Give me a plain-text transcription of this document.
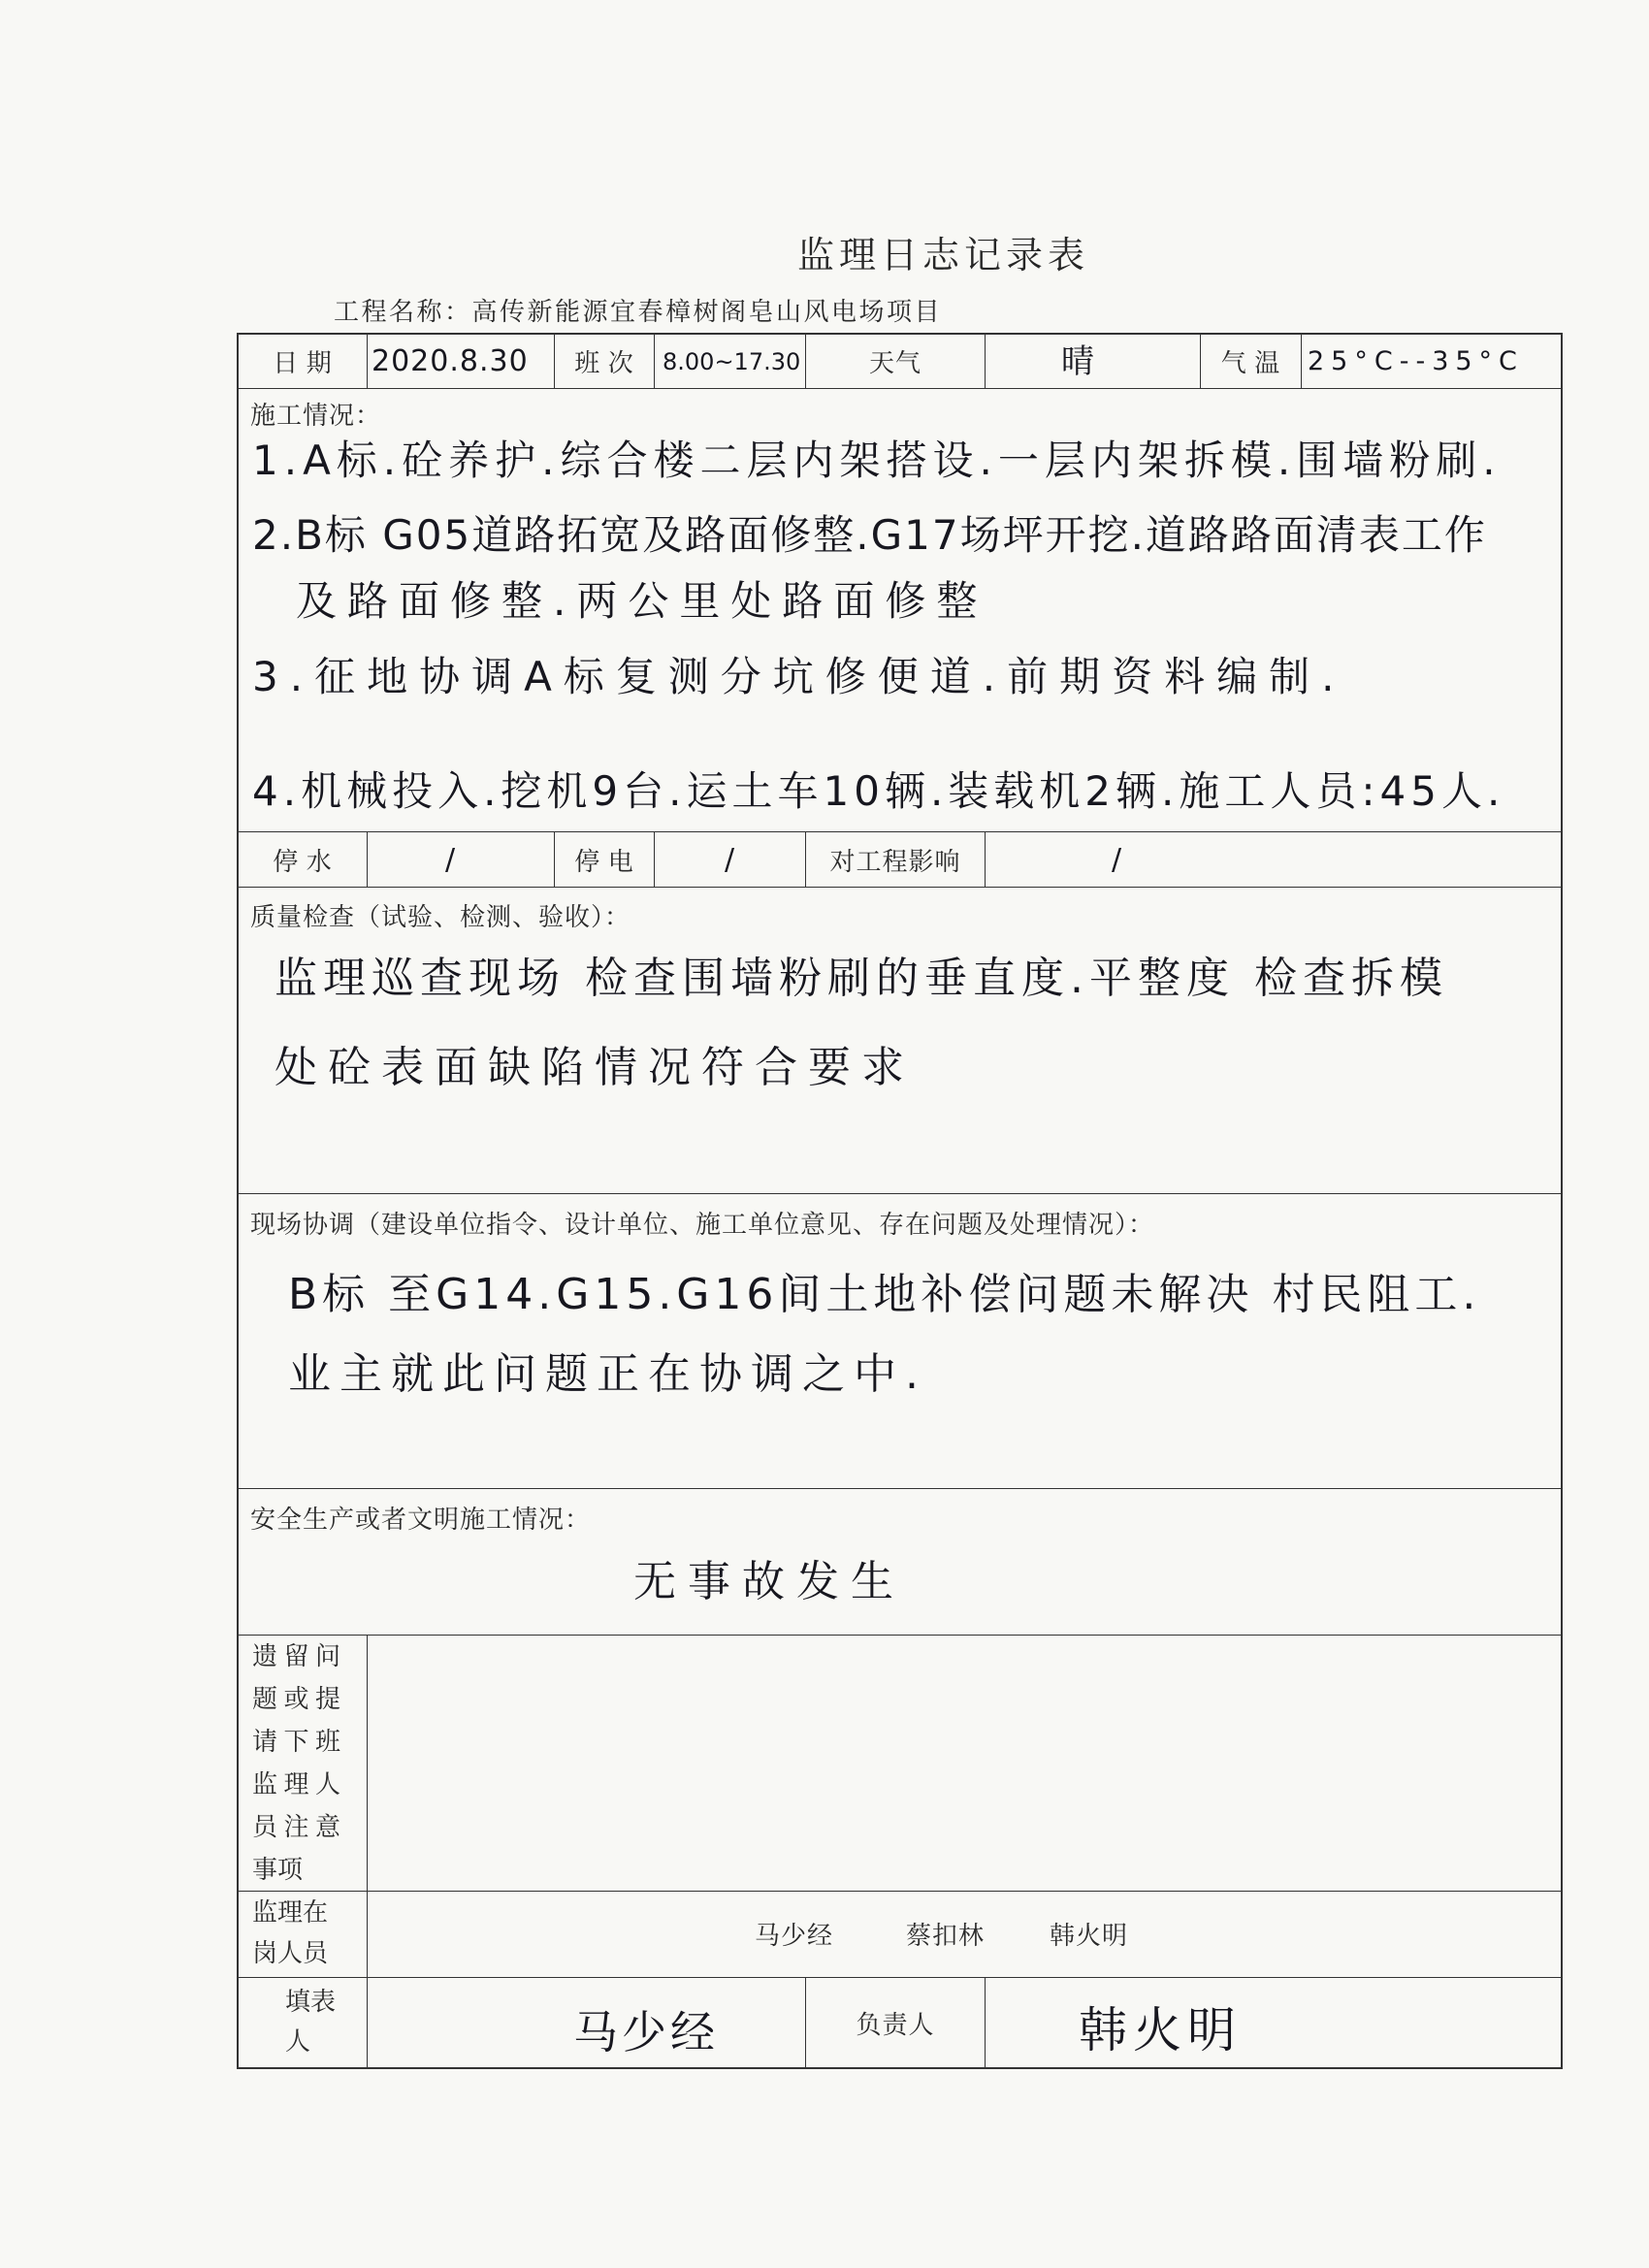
监理日志记录表
工程名称：高传新能源宜春樟树阁皂山风电场项目
日 期	2020.8.30	班 次	8.00~17.30	天气	晴	气 温	25°C--35°C
施工情况：
1.A标.砼养护.综合楼二层内架搭设.一层内架拆模.围墙粉刷.
2.B标 G05道路拓宽及路面修整.G17场坪开挖.道路路面清表工作
及路面修整.两公里处路面修整
3.征地协调A标复测分坑修便道.前期资料编制.
4.机械投入.挖机9台.运土车10辆.装载机2辆.施工人员:45人.
停 水	/	停 电	/	对工程影响	/
质量检查（试验、检测、验收）：
监理巡查现场 检查围墙粉刷的垂直度.平整度 检查拆模
处砼表面缺陷情况符合要求
现场协调（建设单位指令、设计单位、施工单位意见、存在问题及处理情况）：
B标 至G14.G15.G16间土地补偿问题未解决 村民阻工.
业主就此问题正在协调之中.
安全生产或者文明施工情况：
无事故发生
遗 留 问
题 或 提
请 下 班
监 理 人
员 注 意
事项
监理在
岗人员
马少经	蔡扣林	韩火明
填表
人	马少经	负责人	韩火明
